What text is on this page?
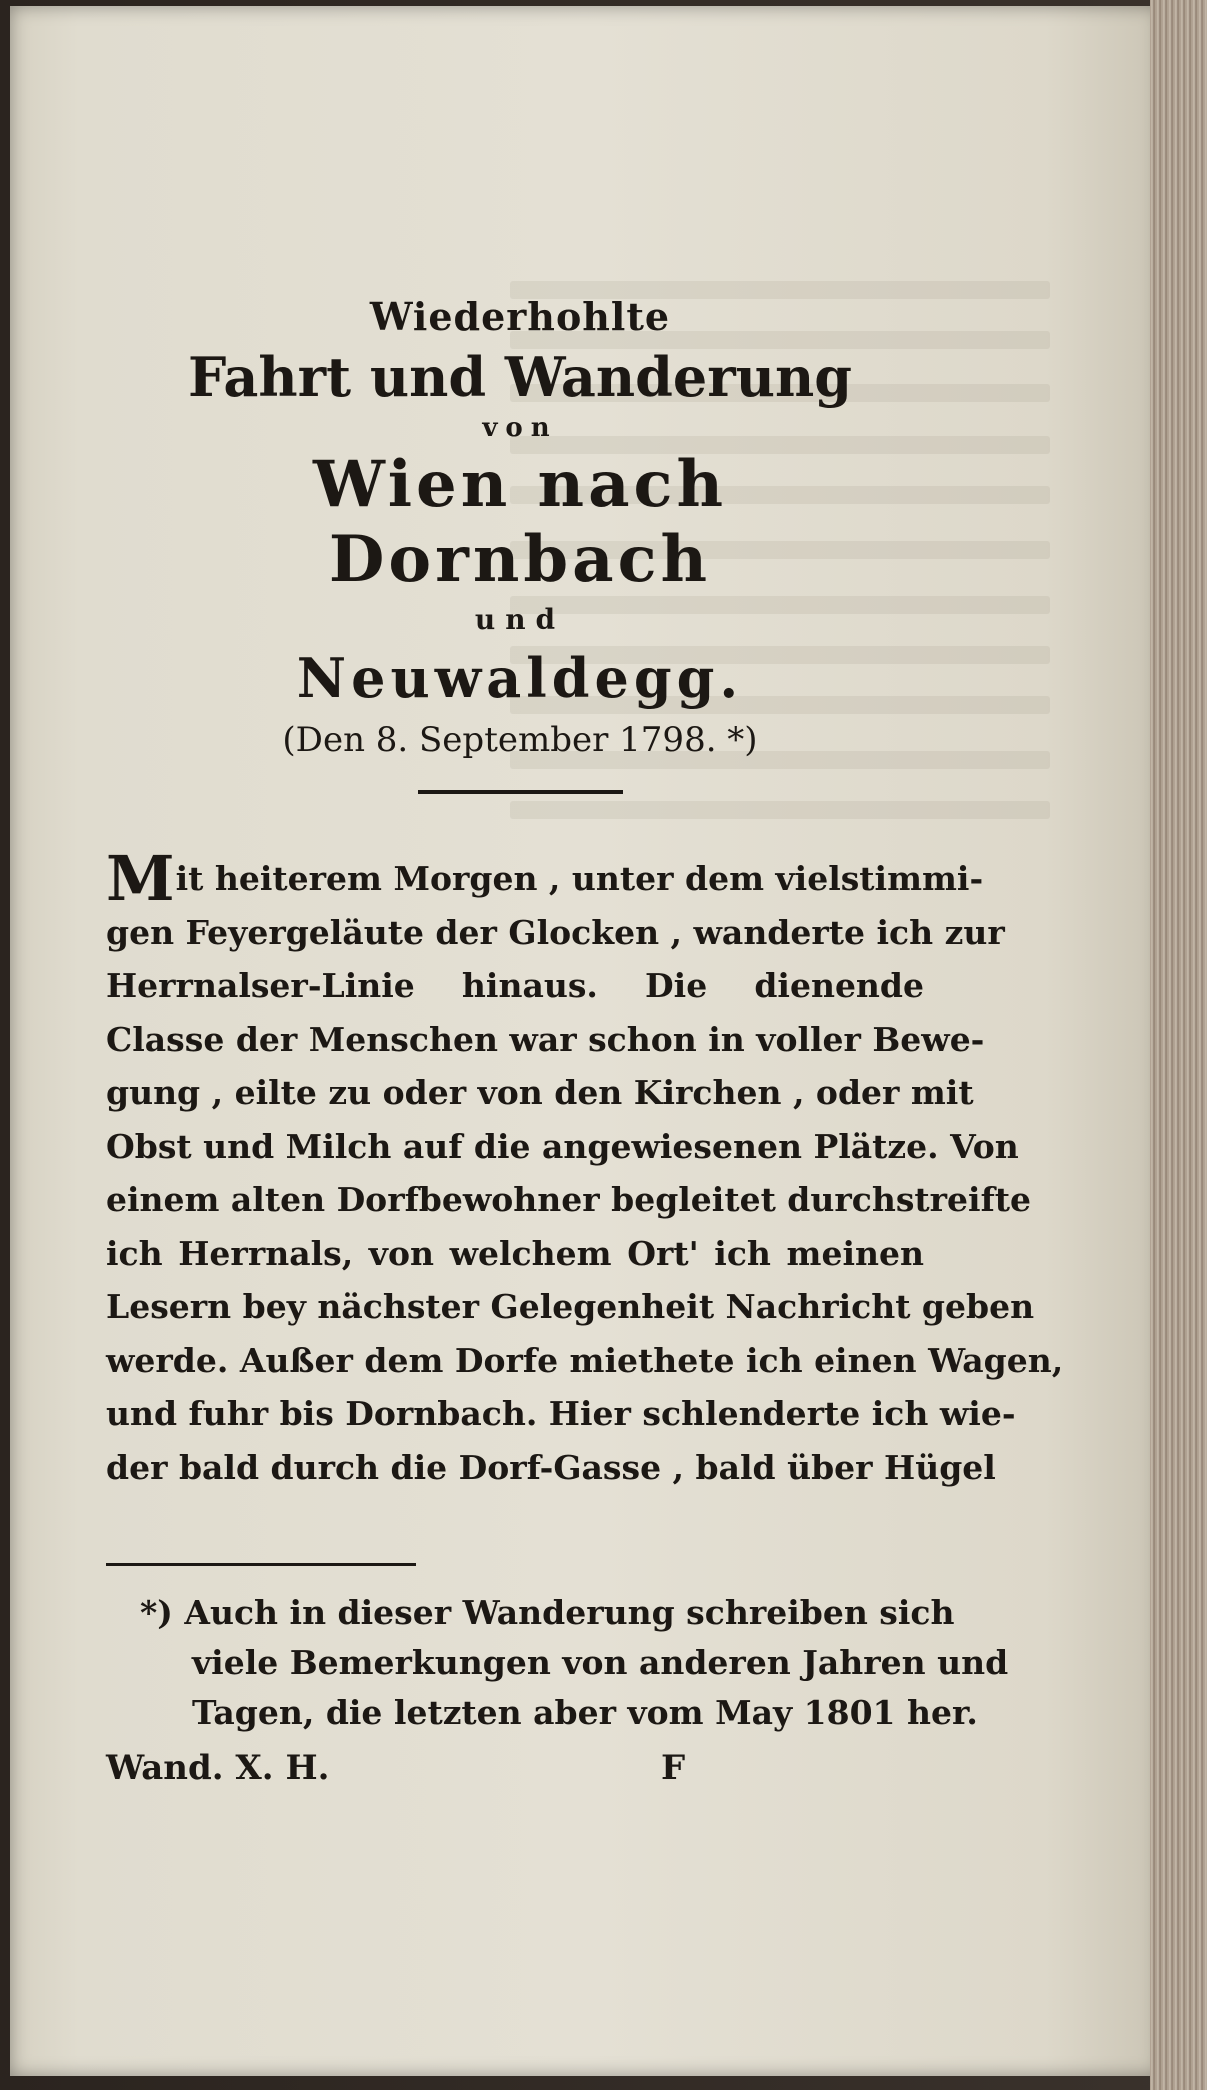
Wiederhohlte
Fahrt und Wanderung
von
Wien nach Dornbach
und
Neuwaldegg.
(Den 8. September 1798. *)
Mit heiterem Morgen , unter dem vielstimmi-
gen Feyergeläute der Glocken , wanderte ich zur
Herrnalser-Linie hinaus. Die dienende
Classe der Menschen war schon in voller Bewe-
gung , eilte zu oder von den Kirchen , oder mit
Obst und Milch auf die angewiesenen Plätze. Von
einem alten Dorfbewohner begleitet durchstreifte
ich Herrnals, von welchem Ort' ich meinen
Lesern bey nächster Gelegenheit Nachricht geben
werde. Außer dem Dorfe miethete ich einen Wagen,
und fuhr bis Dornbach. Hier schlenderte ich wie-
der bald durch die Dorf-Gasse , bald über Hügel
*) Auch in dieser Wanderung schreiben sich
viele Bemerkungen von anderen Jahren und
Tagen, die letzten aber vom May 1801 her.
Wand. X. H.	F
